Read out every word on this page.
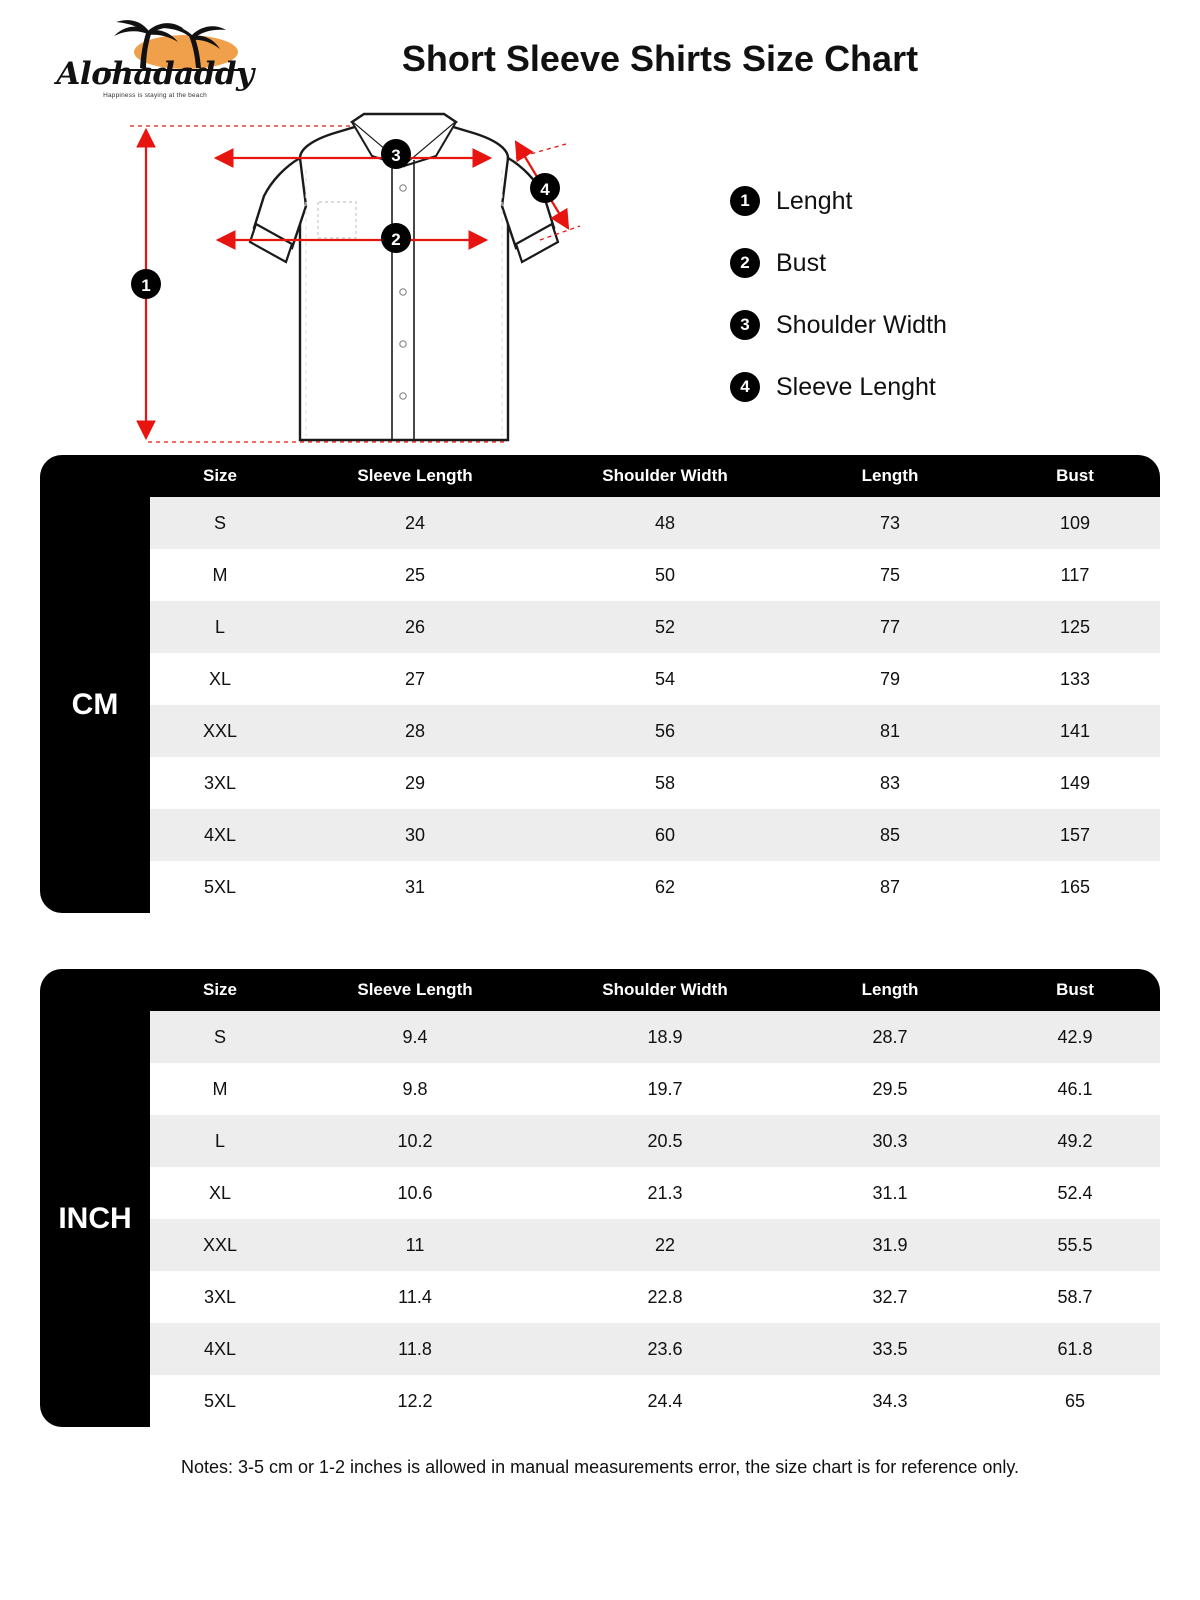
Alohadaddy
Happiness is staying at the beach
Short Sleeve Shirts Size Chart
1
3
2
4
1	Lenght
2	Bust
3	Shoulder Width
4	Sleeve Lenght
	Size	Sleeve Length	Shoulder Width	Length	Bust
CM	S	24	48	73	109
	M	25	50	75	117
	L	26	52	77	125
	XL	27	54	79	133
	XXL	28	56	81	141
	3XL	29	58	83	149
	4XL	30	60	85	157
	5XL	31	62	87	165
	Size	Sleeve Length	Shoulder Width	Length	Bust
INCH	S	9.4	18.9	28.7	42.9
	M	9.8	19.7	29.5	46.1
	L	10.2	20.5	30.3	49.2
	XL	10.6	21.3	31.1	52.4
	XXL	11	22	31.9	55.5
	3XL	11.4	22.8	32.7	58.7
	4XL	11.8	23.6	33.5	61.8
	5XL	12.2	24.4	34.3	65
Notes: 3-5 cm or 1-2 inches is allowed in manual measurements error, the size chart is for reference only.
